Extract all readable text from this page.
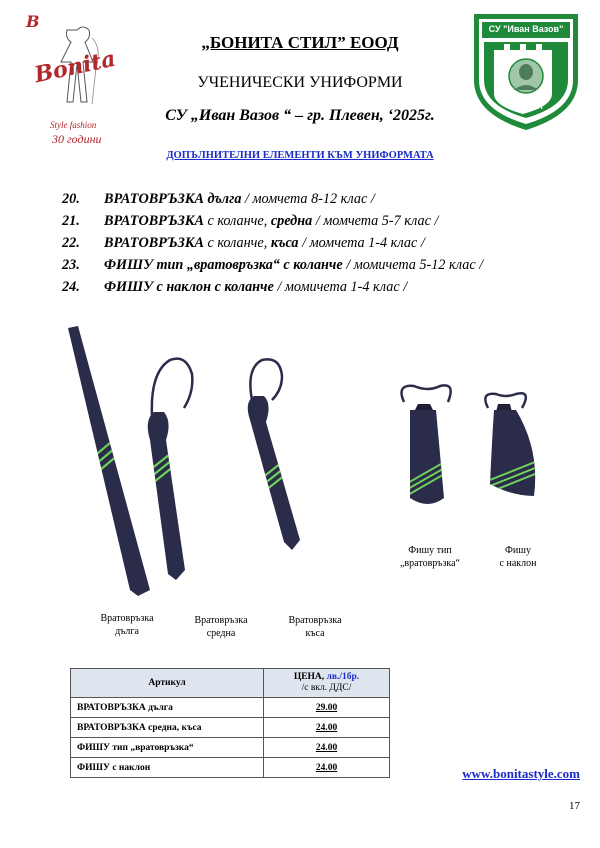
B
Bonita
Style fashion
30 години
СУ "Иван Вазов"
ПЛЕВЕН
„БОНИТА СТИЛ” ЕООД
УЧЕНИЧЕСКИ УНИФОРМИ
СУ „Иван Вазов “ – гр. Плевен, ‘2025г.
ДОПЪЛНИТЕЛНИ ЕЛЕМЕНТИ КЪМ УНИФОРМАТА
20. ВРАТОВРЪЗКА дълга / момчета 8-12 клас /
21. ВРАТОВРЪЗКА с коланче, средна / момчета 5-7 клас /
22. ВРАТОВРЪЗКА с коланче, къса / момчета 1-4 клас /
23. ФИШУ тип „вратовръзка“ с коланче / момичета 5-12 клас /
24. ФИШУ с наклон с коланче / момичета 1-4 клас /
Вратовръзка
дълга
Вратовръзка
средна
Вратовръзка
къса
Фишу тип
„вратовръзка“
Фишу
с наклон
Артикул	ЦЕНА, лв./1бр.
/с вкл. ДДС/
ВРАТОВРЪЗКА дълга	29.00
ВРАТОВРЪЗКА средна, къса	24.00
ФИШУ тип „вратовръзка“	24.00
ФИШУ с наклон	24.00	www.bonitastyle.com
17
